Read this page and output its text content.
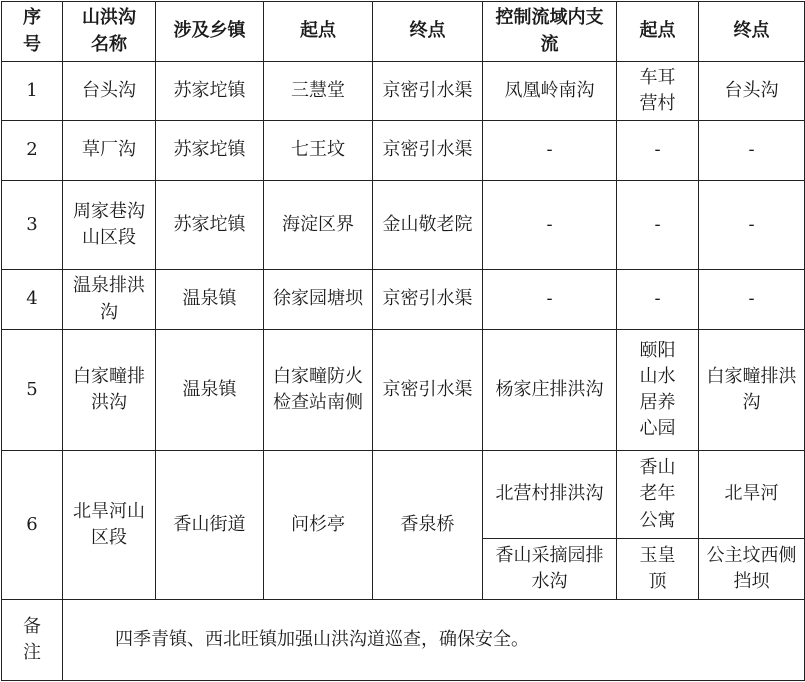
序号	山洪沟名称	涉及乡镇	起点	终点	控制流域内支流	起点	终点
1	台头沟	苏家坨镇	三慧堂	京密引水渠	凤凰岭南沟	车耳营村	台头沟
2	草厂沟	苏家坨镇	七王坟	京密引水渠	-	-	-
3	周家巷沟山区段	苏家坨镇	海淀区界	金山敬老院	-	-	-
4	温泉排洪沟	温泉镇	徐家园塘坝	京密引水渠	-	-	-
5	白家疃排洪沟	温泉镇	白家疃防火检查站南侧	京密引水渠	杨家庄排洪沟	颐阳山水居养心园	白家疃排洪沟
6	北旱河山区段	香山街道	问杉亭	香泉桥	北营村排洪沟	香山老年公寓	北旱河
					香山采摘园排水沟	玉皇顶	公主坟西侧挡坝
备注	四季青镇、西北旺镇加强山洪沟道巡查，确保安全。						
